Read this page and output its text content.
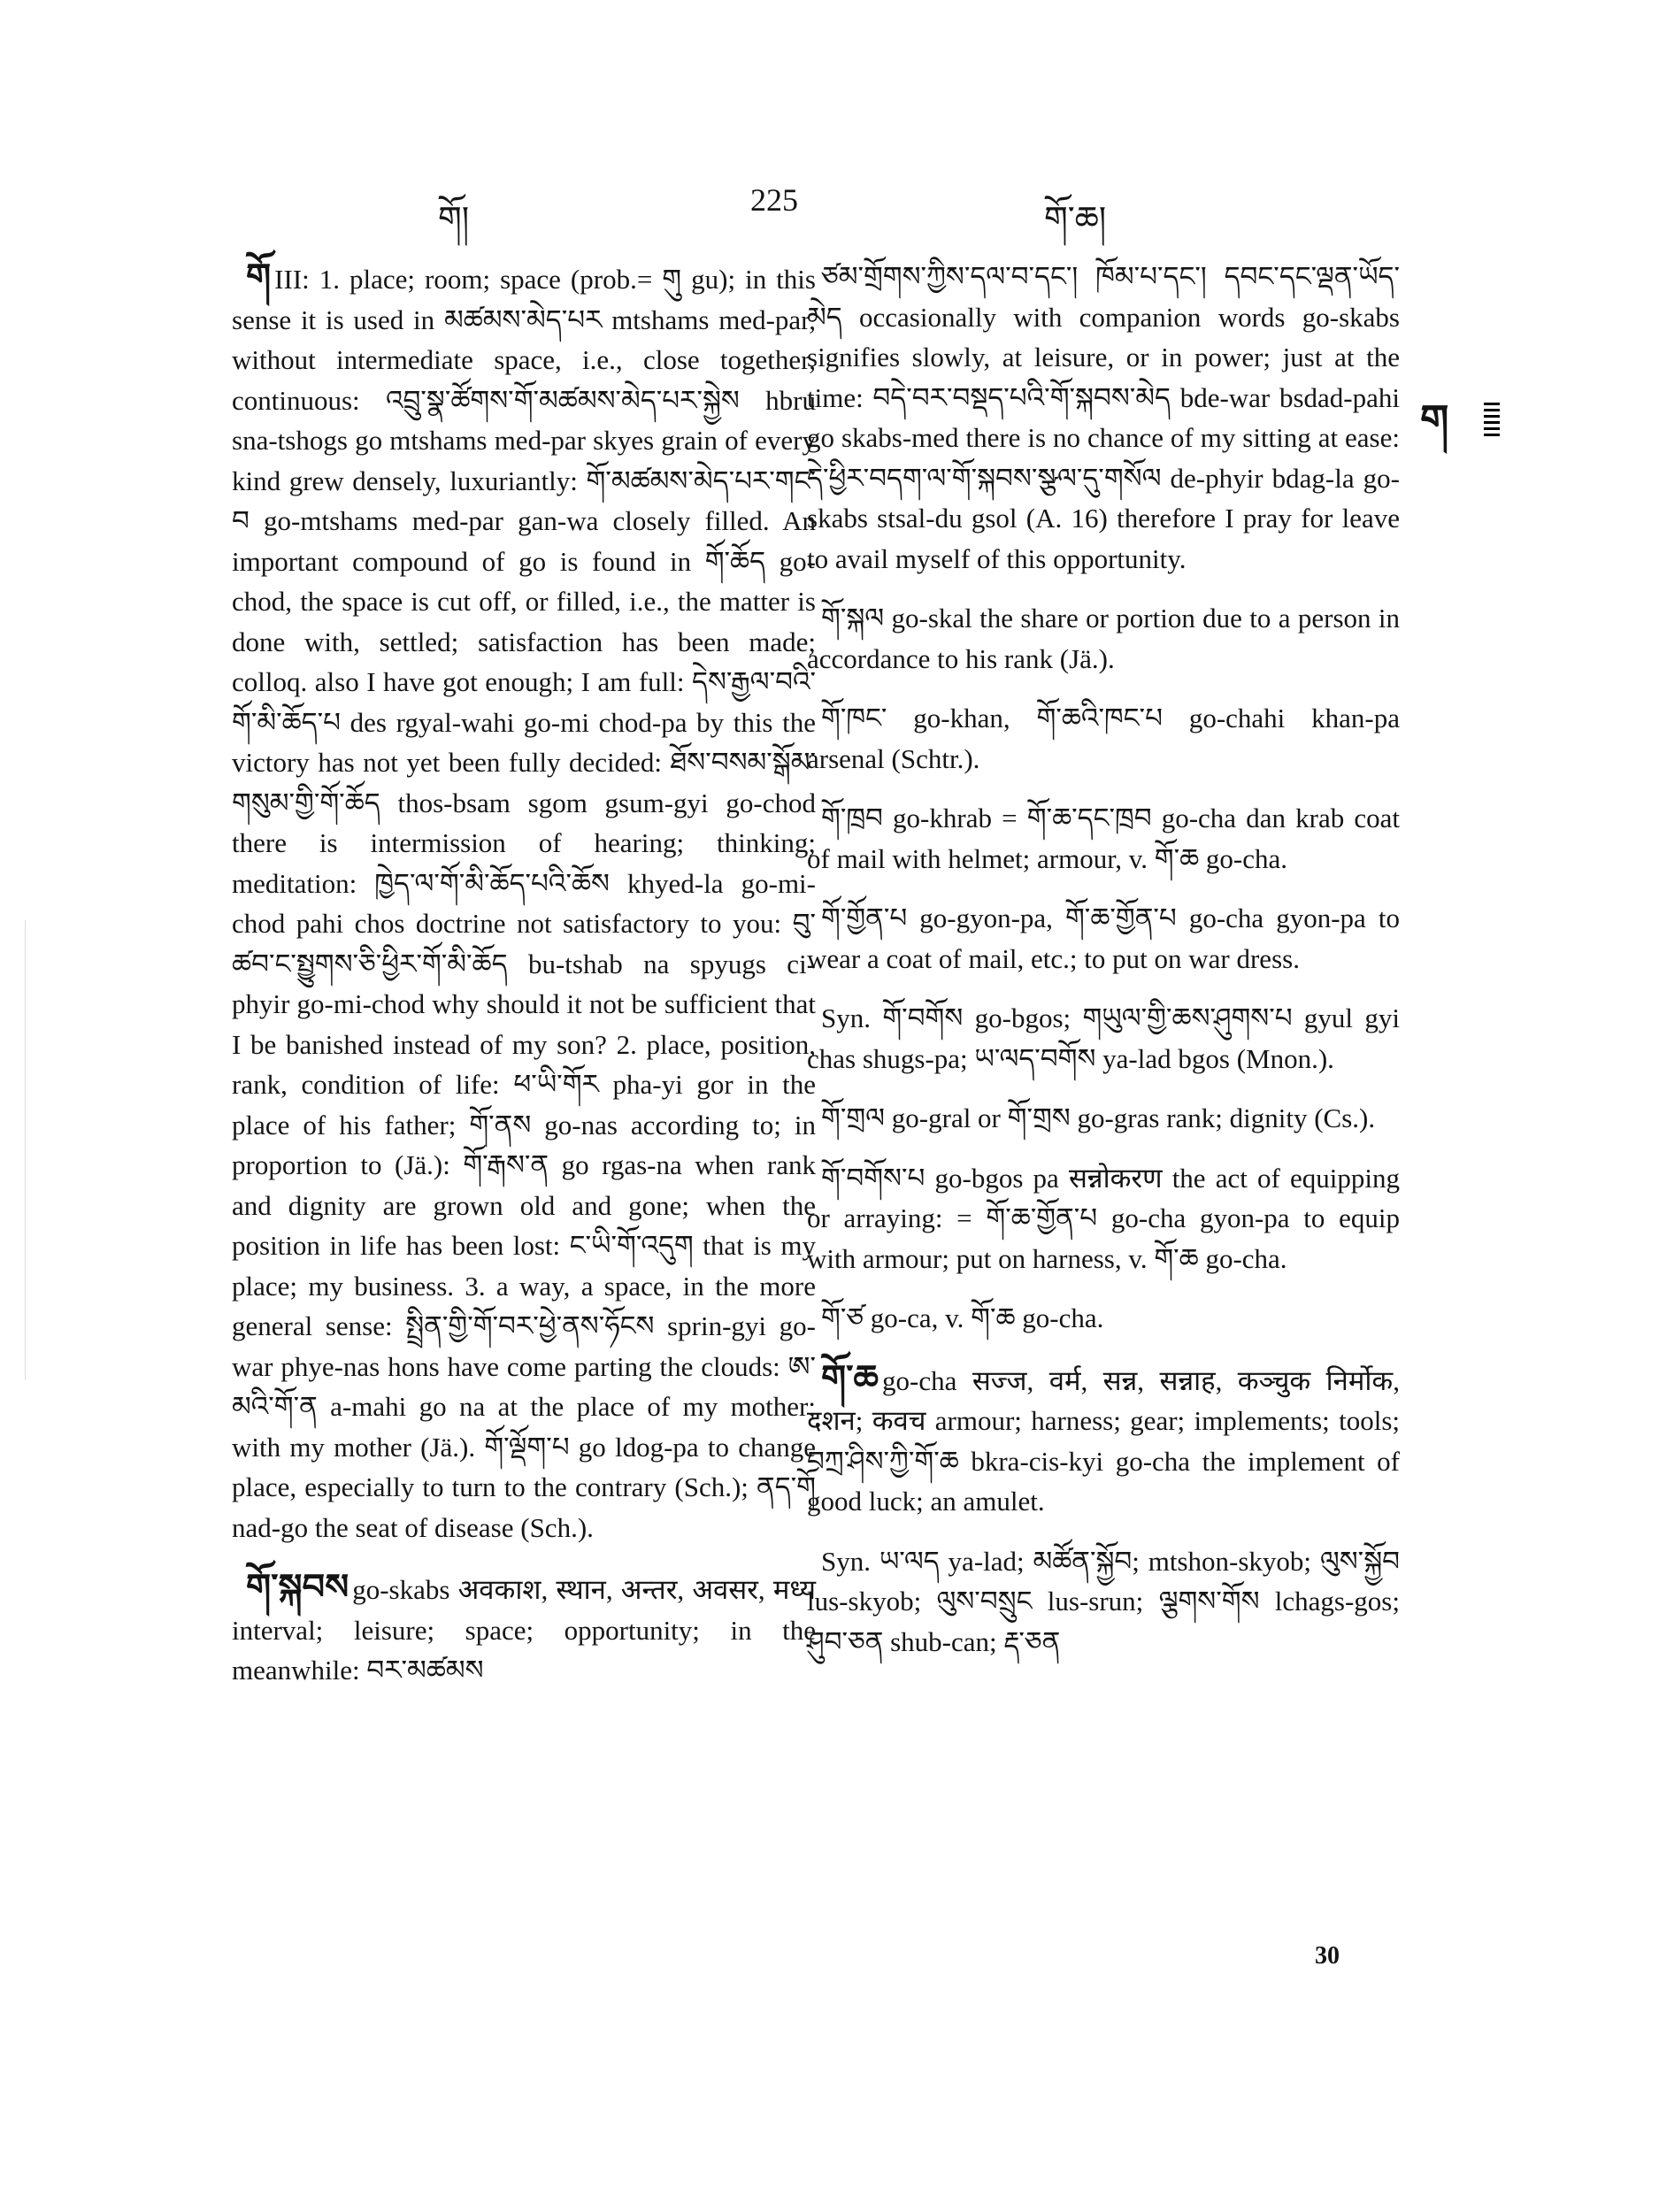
གོ།	225	གོ་ཆ།
ག

གོ III: 1. place; room; space (prob.= གུ gu); in this sense it is used in མཚམས་མེད་པར mtshams med-par, without intermediate space, i.e., close together, continuous: འབྲུ་སྣ་ཚོགས་གོ་མཚམས་མེད་པར་སྐྱེས hbru sna-tshogs go mtshams med-par skyes grain of every kind grew densely, luxuriantly: གོ་མཚམས་མེད་པར་གང་བ go-mtshams med-par gan-wa closely filled. An important compound of go is found in གོ་ཆོད go-chod, the space is cut off, or filled, i.e., the matter is done with, settled; satisfaction has been made; colloq. also I have got enough; I am full: དེས་རྒྱལ་བའི་གོ་མི་ཆོད་པ des rgyal-wahi go-mi chod-pa by this the victory has not yet been fully decided: ཐོས་བསམ་སྒོམ་གསུམ་གྱི་གོ་ཆོད thos-bsam sgom gsum-gyi go-chod there is intermission of hearing; thinking; meditation: ཁྱེད་ལ་གོ་མི་ཆོད་པའི་ཆོས khyed-la go-mi-chod pahi chos doctrine not satisfactory to you: བུ་ཚབ་ང་སྤྱུགས་ཅི་ཕྱིར་གོ་མི་ཆོད bu-tshab na spyugs ci-phyir go-mi-chod why should it not be sufficient that I be banished instead of my son? 2. place, position, rank, condition of life: ཕ་ཡི་གོར pha-yi gor in the place of his father; གོ་ནས go-nas according to; in proportion to (Jä.): གོ་རྒས་ན go rgas-na when rank and dignity are grown old and gone; when the position in life has been lost: ང་ཡི་གོ་འདུག that is my place; my business. 3. a way, a space, in the more general sense: སྤྲིན་གྱི་གོ་བར་ཕྱེ་ནས་ཧོངས sprin-gyi go-war phye-nas hons have come parting the clouds: ཨ་མའི་གོ་ན a-mahi go na at the place of my mother; with my mother (Jä.). གོ་ལྡོག་པ go ldog-pa to change place, especially to turn to the contrary (Sch.); ནད་གོ nad-go the seat of disease (Sch.).

གོ་སྐབས go-skabs अवकाश, स्थान, अन्तर, अवसर, मध्य interval; leisure; space; opportunity; in the meanwhile: བར་མཚམས

ཙམ་གྲོགས་ཀྱིས་དལ་བ་དང་། ཁོམ་པ་དང་། དབང་དང་ལྡན་ཡོད་མེད occasionally with companion words go-skabs signifies slowly, at leisure, or in power; just at the time: བདེ་བར་བསྡད་པའི་གོ་སྐབས་མེད bde-war bsdad-pahi go skabs-med there is no chance of my sitting at ease: དེ་ཕྱིར་བདག་ལ་གོ་སྐབས་སྩལ་དུ་གསོལ de-phyir bdag-la go-skabs stsal-du gsol (A. 16) therefore I pray for leave to avail myself of this opportunity.

གོ་སྐལ go-skal the share or portion due to a person in accordance to his rank (Jä.).

གོ་ཁང་ go-khan, གོ་ཆའི་ཁང་པ go-chahi khan-pa arsenal (Schtr.).

གོ་ཁྲབ go-khrab = གོ་ཆ་དང་ཁྲབ go-cha dan krab coat of mail with helmet; armour, v. གོ་ཆ go-cha.

གོ་གྱོན་པ go-gyon-pa, གོ་ཆ་གྱོན་པ go-cha gyon-pa to wear a coat of mail, etc.; to put on war dress.

Syn. གོ་བགོས go-bgos; གཡུལ་གྱི་ཆས་ཤུགས་པ gyul gyi chas shugs-pa; ཡ་ལད་བགོས ya-lad bgos (Mnon.).

གོ་གྲལ go-gral or གོ་གྲས go-gras rank; dignity (Cs.).

གོ་བགོས་པ go-bgos pa सन्नोकरण the act of equipping or arraying: = གོ་ཆ་གྱོན་པ go-cha gyon-pa to equip with armour; put on harness, v. གོ་ཆ go-cha.

གོ་ཙ go-ca, v. གོ་ཆ go-cha.

གོ་ཆ go-cha सज्ज, वर्म, सन्न, सन्नाह, कञ्चुक निर्मोक, दशन; कवच armour; harness; gear; implements; tools; བཀྲ་ཤིས་ཀྱི་གོ་ཆ bkra-cis-kyi go-cha the implement of good luck; an amulet.

Syn. ཡ་ལད ya-lad; མཚོན་སྐྱོབ; mtshon-skyob; ལུས་སྐྱོབ lus-skyob; ལུས་བསྲུང lus-srun; ལྕགས་གོས lchags-gos; ཤུབ་ཅན shub-can; རྡ་ཅན

30
